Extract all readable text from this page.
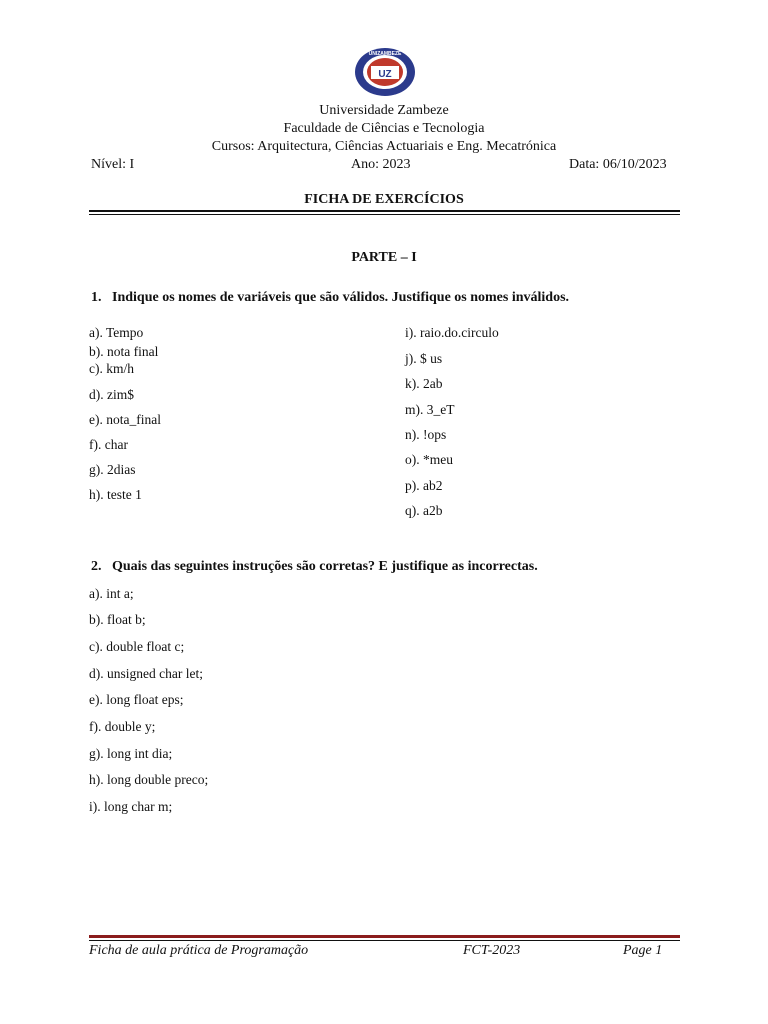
UZ
UNIZAMBEZE
Universidade Zambeze
Faculdade de Ciências e Tecnologia
Cursos: Arquitectura, Ciências Actuariais e Eng. Mecatrónica
Nível: I	Ano: 2023	Data: 06/10/2023
FICHA DE EXERCÍCIOS
PARTE – I
1. Indique os nomes de variáveis que são válidos. Justifique os nomes inválidos.
a). Tempo
b). nota final
c). km/h
d). zim$
e). nota_final
f). char
g). 2dias
h). teste 1
i). raio.do.circulo
j). $ us
k). 2ab
m). 3_eT
n). !ops
o). *meu
p). ab2
q). a2b
2. Quais das seguintes instruções são corretas? E justifique as incorrectas.
a). int a;
b). float b;
c). double float c;
d). unsigned char let;
e). long float eps;
f). double y;
g). long int dia;
h). long double preco;
i). long char m;
Ficha de aula prática de Programação	FCT-2023	Page 1
